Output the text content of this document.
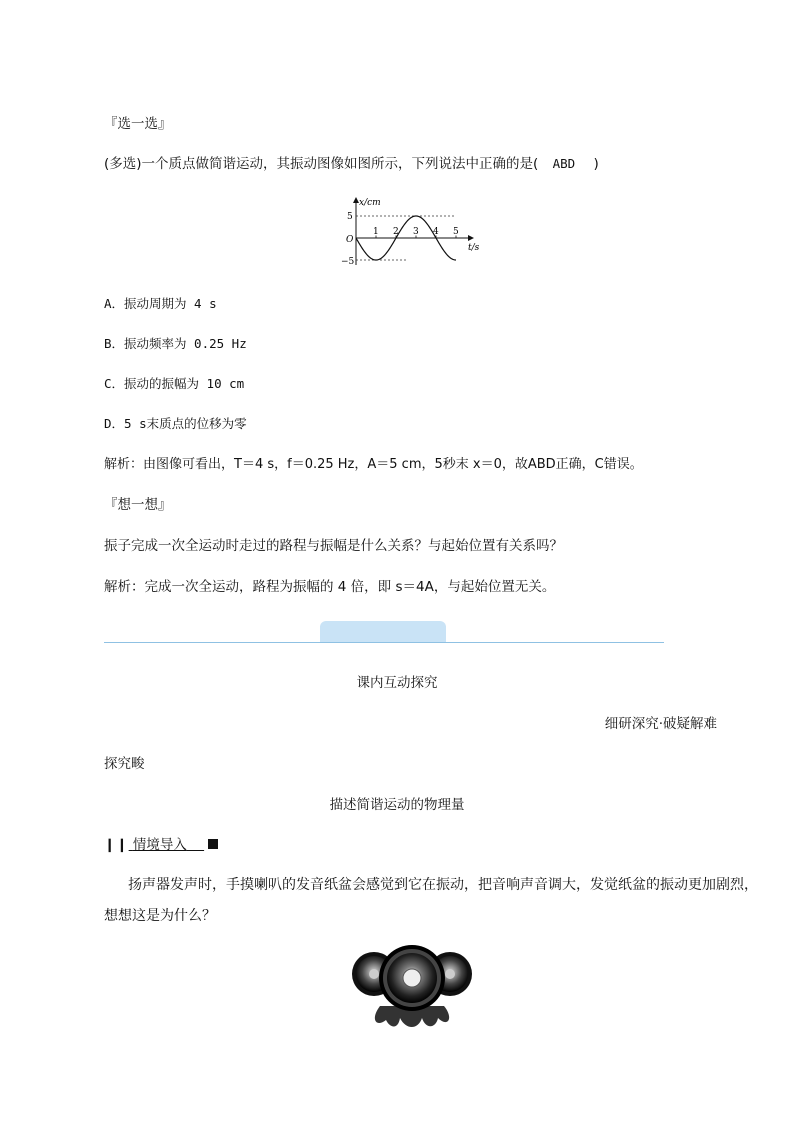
『选一选』
(多选)一个质点做简谐运动，其振动图像如图所示，下列说法中正确的是( ABD )
x/cm
t/s
O
5
−5
1 2 3 4 5
A．振动周期为 4 s
B．振动频率为 0.25 Hz
C．振动的振幅为 10 cm
D．5 s末质点的位移为零
解析：由图像可看出，T＝4 s，f＝0.25 Hz，A＝5 cm，5秒末 x＝0，故ABD正确，C错误。
『想一想』
振子完成一次全运动时走过的路程与振幅是什么关系？与起始位置有关系吗？
解析：完成一次全运动，路程为振幅的 4 倍，即 s＝4A，与起始位置无关。
课内互动探究
细研深究·破疑解难
探究畯
描述简谐运动的物理量
❙❙ 情境导入
扬声器发声时，手摸喇叭的发音纸盆会感觉到它在振动，把音响声音调大，发觉纸盆的振动更加剧烈，
想想这是为什么？
